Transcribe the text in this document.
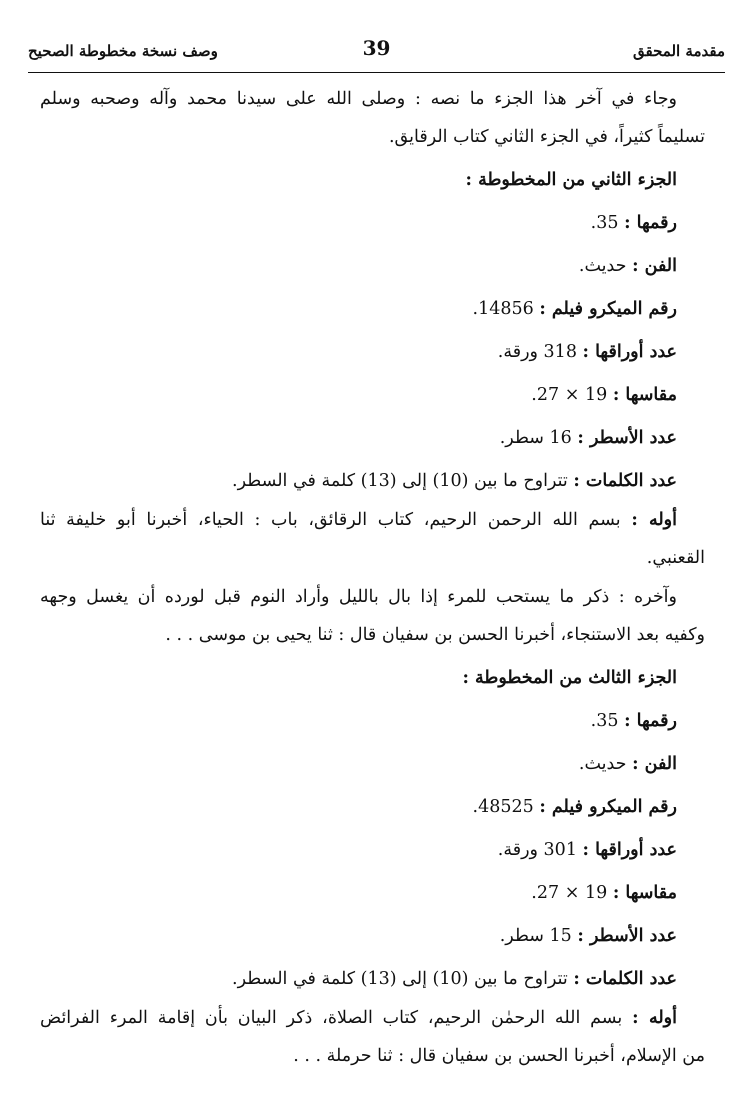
مقدمة المحقق
39
وصف نسخة مخطوطة الصحيح
وجاء في آخر هذا الجزء ما نصه : وصلى الله على سيدنا محمد وآله وصحبه وسلم
تسليماً كثيراً، في الجزء الثاني كتاب الرقايق.
الجزء الثاني من المخطوطة :
رقمها : 35.
الفن : حديث.
رقم الميكرو فيلم : 14856.
عدد أوراقها : 318 ورقة.
مقاسها : 19 × 27.
عدد الأسطر : 16 سطر.
عدد الكلمات : تتراوح ما بين (10) إلى (13) كلمة في السطر.
أوله : بسم الله الرحمن الرحيم، كتاب الرقائق، باب : الحياء، أخبرنا أبو خليفة ثنا
القعنبي.
وآخره : ذكر ما يستحب للمرء إذا بال بالليل وأراد النوم قبل لورده أن يغسل وجهه
وكفيه بعد الاستنجاء، أخبرنا الحسن بن سفيان قال : ثنا يحيى بن موسى . . .
الجزء الثالث من المخطوطة :
رقمها : 35.
الفن : حديث.
رقم الميكرو فيلم : 48525.
عدد أوراقها : 301 ورقة.
مقاسها : 19 × 27.
عدد الأسطر : 15 سطر.
عدد الكلمات : تتراوح ما بين (10) إلى (13) كلمة في السطر.
أوله : بسم الله الرحمٰن الرحيم، كتاب الصلاة، ذكر البيان بأن إقامة المرء الفرائض
من الإسلام، أخبرنا الحسن بن سفيان قال : ثنا حرملة . . .
